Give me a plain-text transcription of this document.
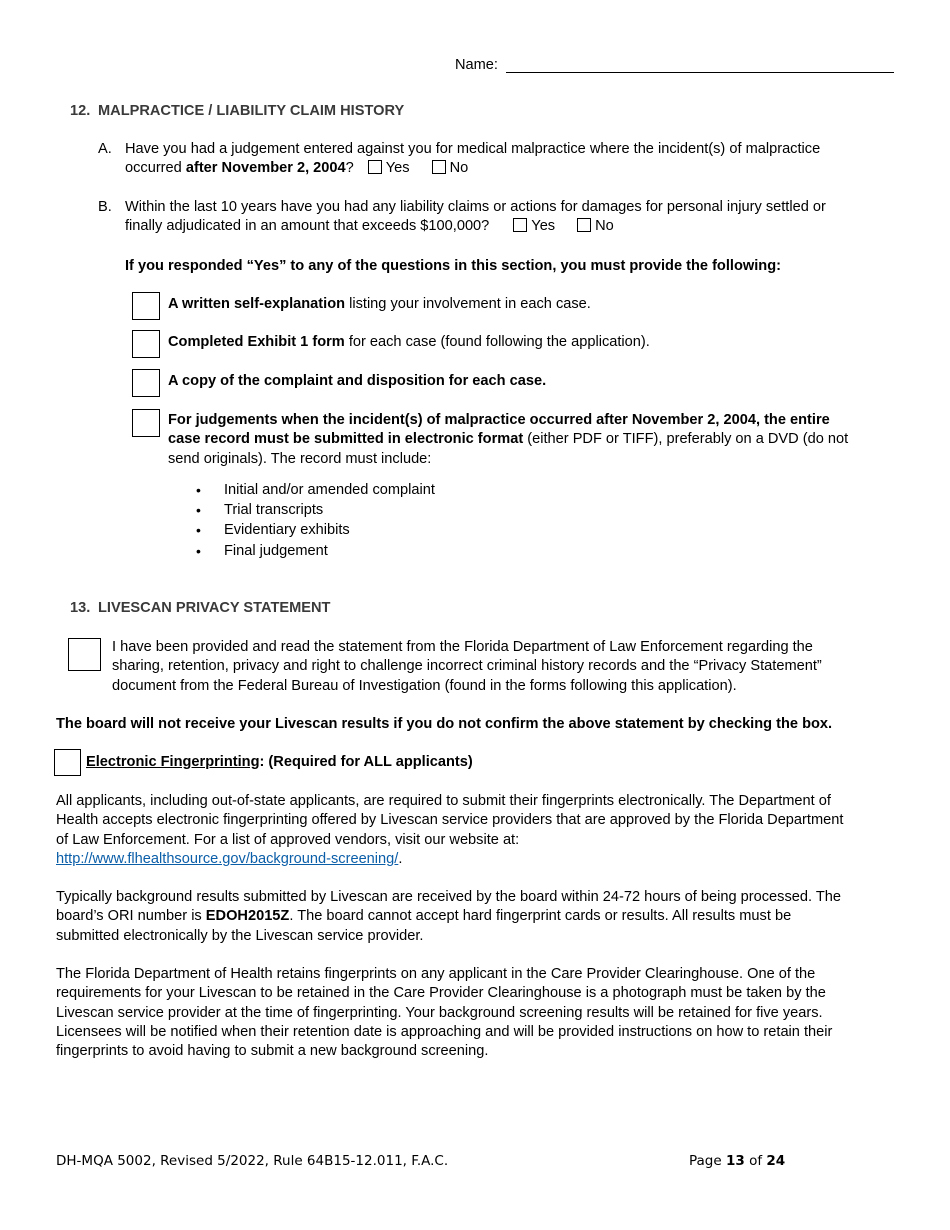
Name:
12. MALPRACTICE / LIABILITY CLAIM HISTORY
A. Have you had a judgement entered against you for medical malpractice where the incident(s) of malpractice
occurred after November 2, 2004? Yes	No
B. Within the last 10 years have you had any liability claims or actions for damages for personal injury settled or
finally adjudicated in an amount that exceeds $100,000?	Yes	No
If you responded “Yes” to any of the questions in this section, you must provide the following:
A written self-explanation listing your involvement in each case.
Completed Exhibit 1 form for each case (found following the application).
A copy of the complaint and disposition for each case.
For judgements when the incident(s) of malpractice occurred after November 2, 2004, the entire
case record must be submitted in electronic format (either PDF or TIFF), preferably on a DVD (do not
send originals). The record must include:
• Initial and/or amended complaint
• Trial transcripts
• Evidentiary exhibits
• Final judgement
13. LIVESCAN PRIVACY STATEMENT
I have been provided and read the statement from the Florida Department of Law Enforcement regarding the
sharing, retention, privacy and right to challenge incorrect criminal history records and the “Privacy Statement”
document from the Federal Bureau of Investigation (found in the forms following this application).
The board will not receive your Livescan results if you do not confirm the above statement by checking the box.
Electronic Fingerprinting: (Required for ALL applicants)
All applicants, including out-of-state applicants, are required to submit their fingerprints electronically. The Department of
Health accepts electronic fingerprinting offered by Livescan service providers that are approved by the Florida Department
of Law Enforcement. For a list of approved vendors, visit our website at:
http://www.flhealthsource.gov/background-screening/.
Typically background results submitted by Livescan are received by the board within 24-72 hours of being processed. The
board’s ORI number is EDOH2015Z. The board cannot accept hard fingerprint cards or results. All results must be
submitted electronically by the Livescan service provider.
The Florida Department of Health retains fingerprints on any applicant in the Care Provider Clearinghouse. One of the
requirements for your Livescan to be retained in the Care Provider Clearinghouse is a photograph must be taken by the
Livescan service provider at the time of fingerprinting. Your background screening results will be retained for five years.
Licensees will be notified when their retention date is approaching and will be provided instructions on how to retain their
fingerprints to avoid having to submit a new background screening.
DH-MQA 5002, Revised 5/2022, Rule 64B15-12.011, F.A.C.	Page 13 of 24
